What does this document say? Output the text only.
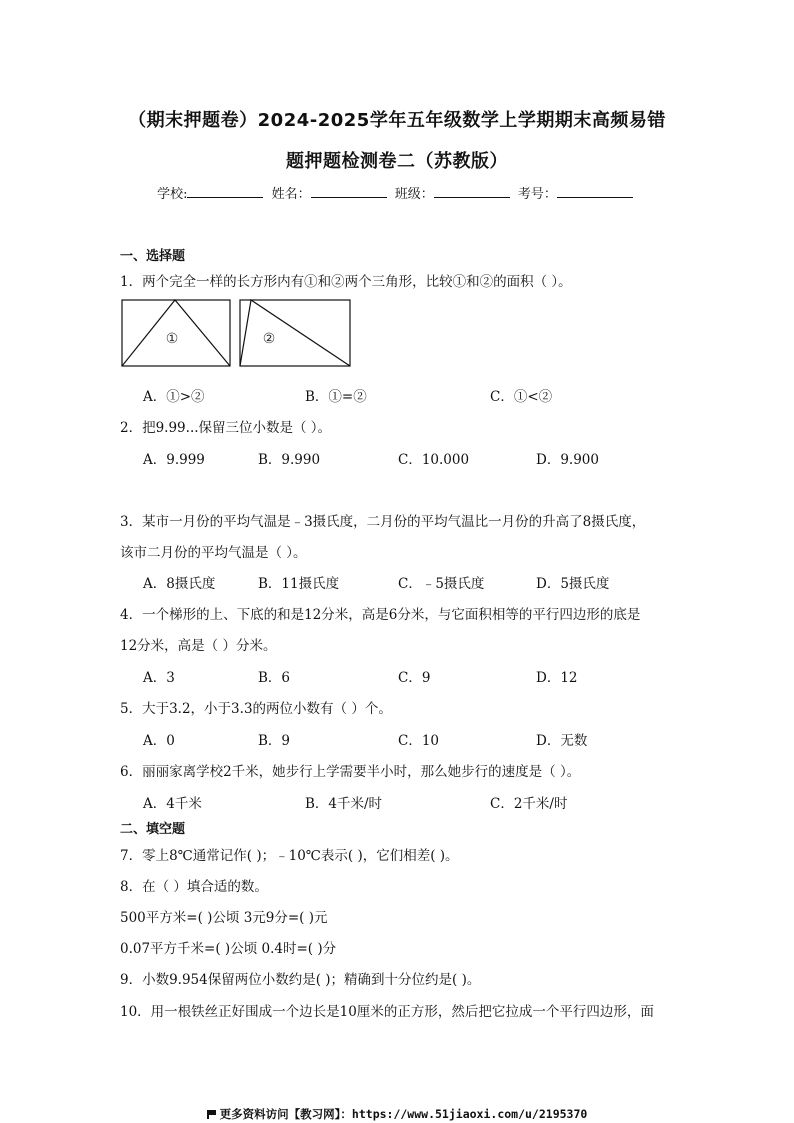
（期末押题卷）2024-2025学年五年级数学上学期期末高频易错
题押题检测卷二（苏教版）
学校:	姓名：	班级：	考号：
一、选择题
1．两个完全一样的长方形内有①和②两个三角形，比较①和②的面积（ ）。
①	②
A．①>②	B．①=②	C．①<②
2．把9.99...保留三位小数是（ ）。
A．9.999	B．9.990	C．10.000	D．9.900
3．某市一月份的平均气温是﹣3摄氏度，二月份的平均气温比一月份的升高了8摄氏度，
该市二月份的平均气温是（ ）。
A．8摄氏度	B．11摄氏度	C．﹣5摄氏度	D．5摄氏度
4．一个梯形的上、下底的和是12分米，高是6分米，与它面积相等的平行四边形的底是
12分米，高是（ ）分米。
A．3	B．6	C．9	D．12
5．大于3.2，小于3.3的两位小数有（ ）个。
A．0	B．9	C．10	D．无数
6．丽丽家离学校2千米，她步行上学需要半小时，那么她步行的速度是（ ）。
A．4千米	B．4千米/时	C．2千米/时
二、填空题
7．零上8℃通常记作( )；﹣10℃表示( )，它们相差( )。
8．在（ ）填合适的数。
500平方米=( )公顷 3元9分=( )元
0.07平方千米=( )公顷 0.4时=( )分
9．小数9.954保留两位小数约是( )；精确到十分位约是( )。
10．用一根铁丝正好围成一个边长是10厘米的正方形，然后把它拉成一个平行四边形，面
更多资料访问【教习网】：https://www.51jiaoxi.com/u/2195370
